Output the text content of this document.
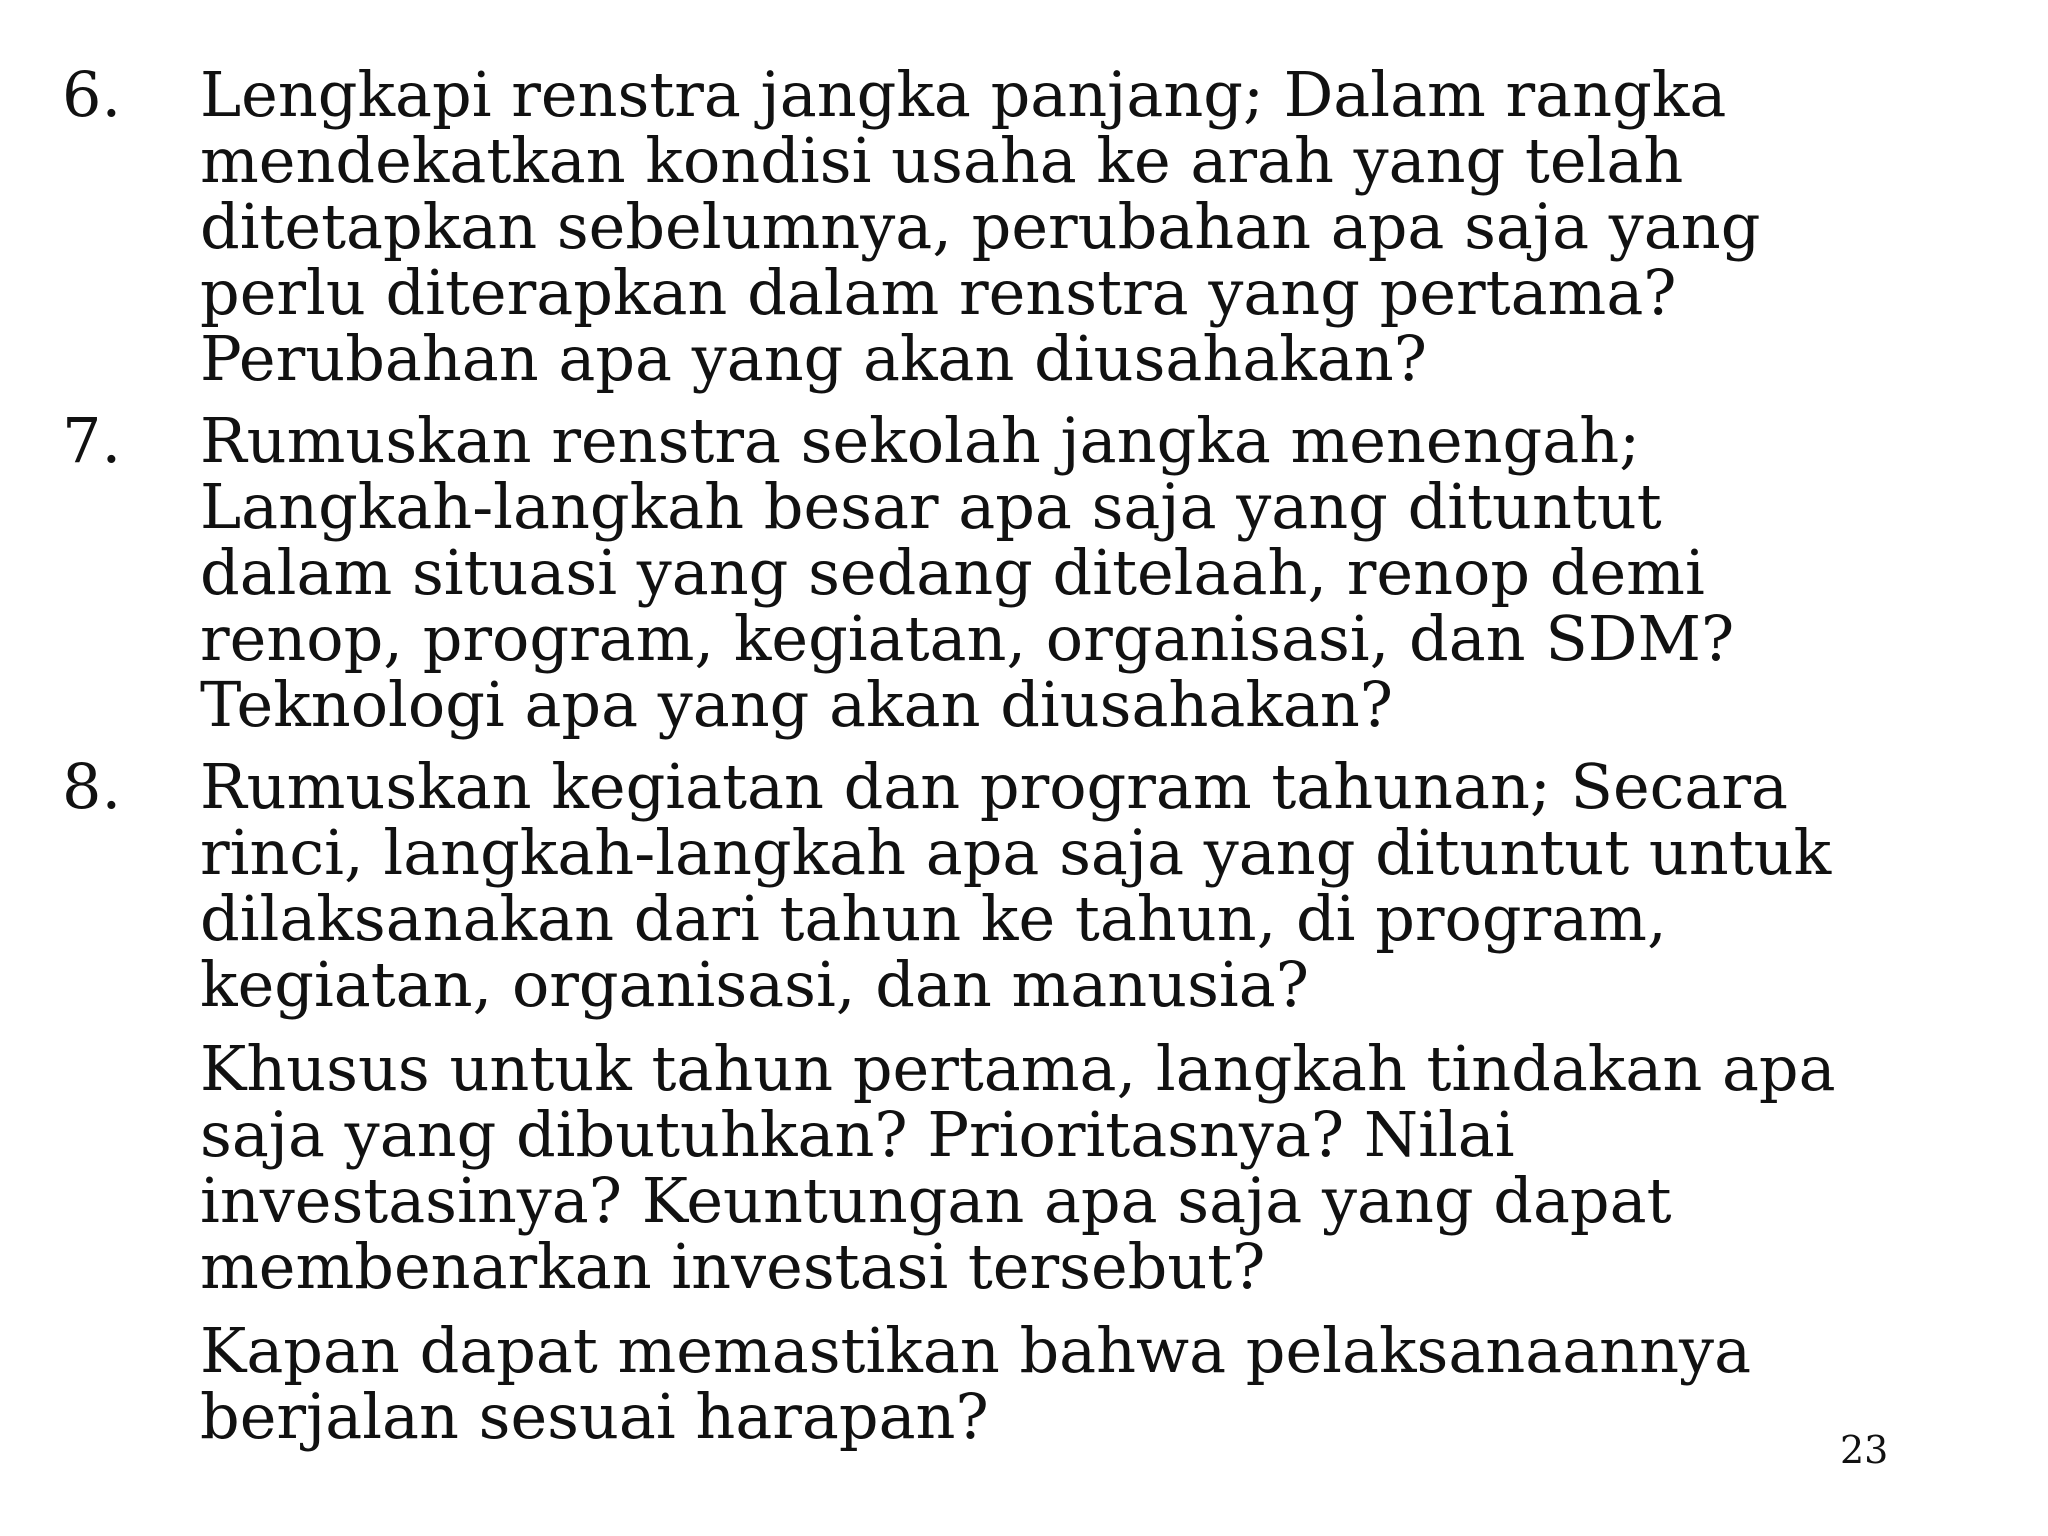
6. Lengkapi renstra jangka panjang; Dalam rangka
mendekatkan kondisi usaha ke arah yang telah
ditetapkan sebelumnya, perubahan apa saja yang
perlu diterapkan dalam renstra yang pertama?
Perubahan apa yang akan diusahakan?
7. Rumuskan renstra sekolah jangka menengah;
Langkah-langkah besar apa saja yang dituntut
dalam situasi yang sedang ditelaah, renop demi
renop, program, kegiatan, organisasi, dan SDM?
Teknologi apa yang akan diusahakan?
8. Rumuskan kegiatan dan program tahunan; Secara
rinci, langkah-langkah apa saja yang dituntut untuk
dilaksanakan dari tahun ke tahun, di program,
kegiatan, organisasi, dan manusia?
Khusus untuk tahun pertama, langkah tindakan apa
saja yang dibutuhkan? Prioritasnya? Nilai
investasinya? Keuntungan apa saja yang dapat
membenarkan investasi tersebut?
Kapan dapat memastikan bahwa pelaksanaannya
berjalan sesuai harapan?	23
